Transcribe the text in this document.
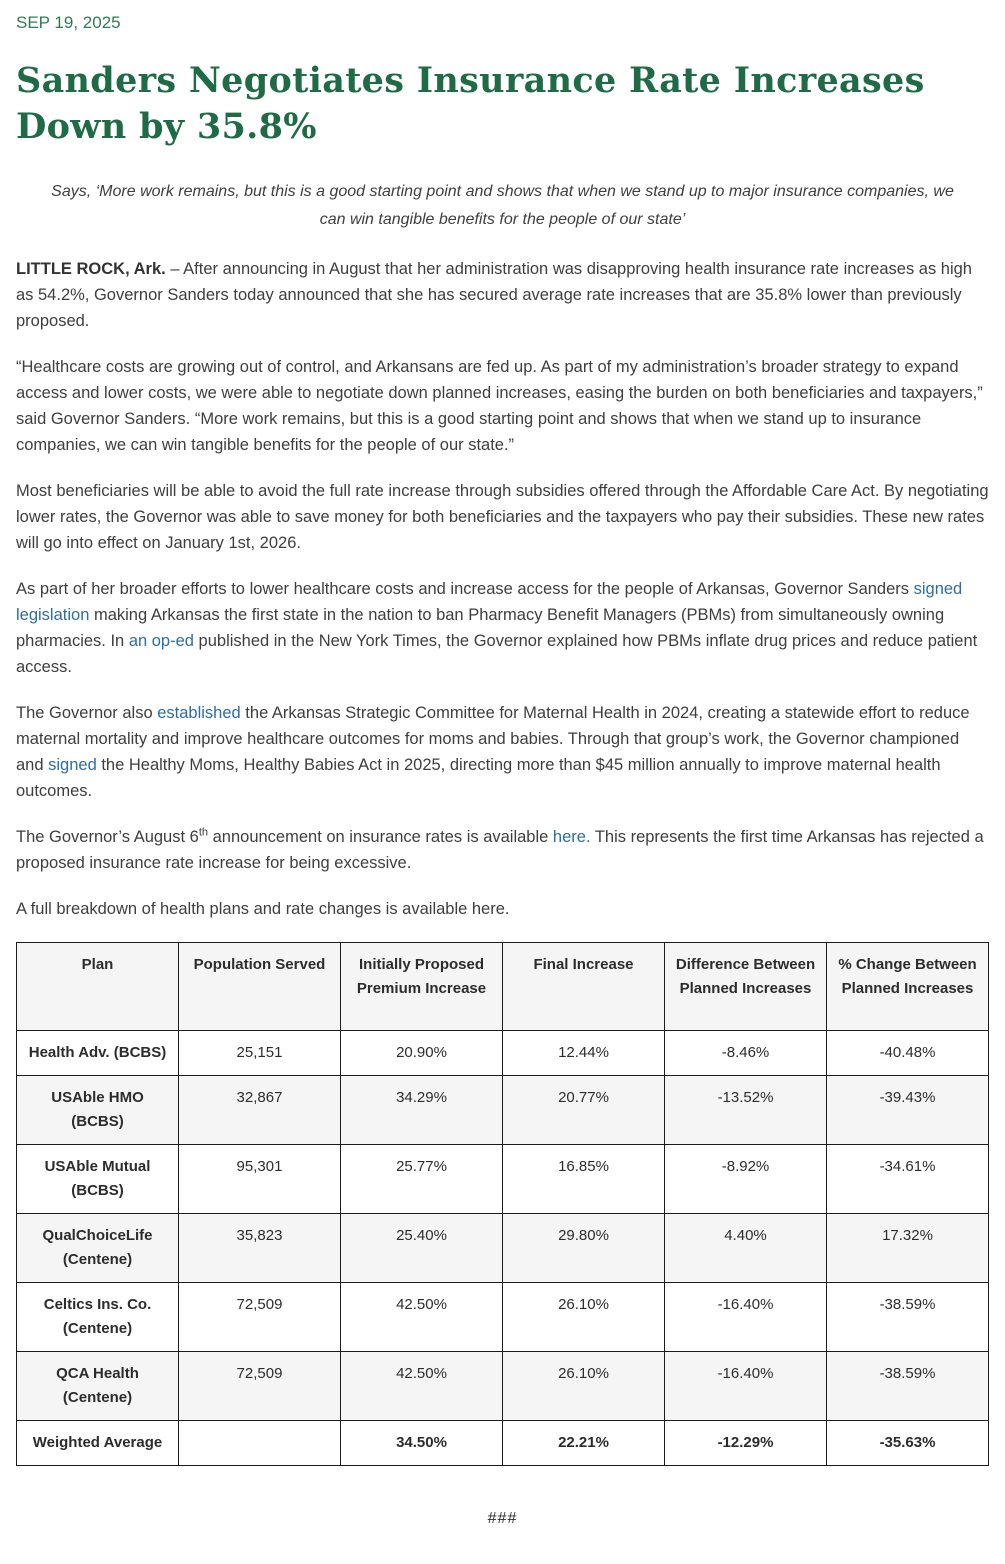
SEP 19, 2025
Sanders Negotiates Insurance Rate Increases Down by 35.8%

Says, ‘More work remains, but this is a good starting point and shows that when we stand up to major insurance companies, we can win tangible benefits for the people of our state’

LITTLE ROCK, Ark. – After announcing in August that her administration was disapproving health insurance rate increases as high as 54.2%, Governor Sanders today announced that she has secured average rate increases that are 35.8% lower than previously proposed.

“Healthcare costs are growing out of control, and Arkansans are fed up. As part of my administration’s broader strategy to expand access and lower costs, we were able to negotiate down planned increases, easing the burden on both beneficiaries and taxpayers,” said Governor Sanders. “More work remains, but this is a good starting point and shows that when we stand up to insurance companies, we can win tangible benefits for the people of our state.”

Most beneficiaries will be able to avoid the full rate increase through subsidies offered through the Affordable Care Act. By negotiating lower rates, the Governor was able to save money for both beneficiaries and the taxpayers who pay their subsidies. These new rates will go into effect on January 1st, 2026.

As part of her broader efforts to lower healthcare costs and increase access for the people of Arkansas, Governor Sanders signed legislation making Arkansas the first state in the nation to ban Pharmacy Benefit Managers (PBMs) from simultaneously owning pharmacies. In an op-ed published in the New York Times, the Governor explained how PBMs inflate drug prices and reduce patient access.

The Governor also established the Arkansas Strategic Committee for Maternal Health in 2024, creating a statewide effort to reduce maternal mortality and improve healthcare outcomes for moms and babies. Through that group’s work, the Governor championed and signed the Healthy Moms, Healthy Babies Act in 2025, directing more than $45 million annually to improve maternal health outcomes.

The Governor’s August 6th announcement on insurance rates is available here. This represents the first time Arkansas has rejected a proposed insurance rate increase for being excessive.

A full breakdown of health plans and rate changes is available here.

Plan	Population Served	Initially Proposed Premium Increase	Final Increase	Difference Between Planned Increases	% Change Between Planned Increases
Health Adv. (BCBS)	25,151	20.90%	12.44%	-8.46%	-40.48%
USAble HMO (BCBS)	32,867	34.29%	20.77%	-13.52%	-39.43%
USAble Mutual (BCBS)	95,301	25.77%	16.85%	-8.92%	-34.61%
QualChoiceLife (Centene)	35,823	25.40%	29.80%	4.40%	17.32%
Celtics Ins. Co. (Centene)	72,509	42.50%	26.10%	-16.40%	-38.59%
QCA Health (Centene)	72,509	42.50%	26.10%	-16.40%	-38.59%
Weighted Average		34.50%	22.21%	-12.29%	-35.63%
###
